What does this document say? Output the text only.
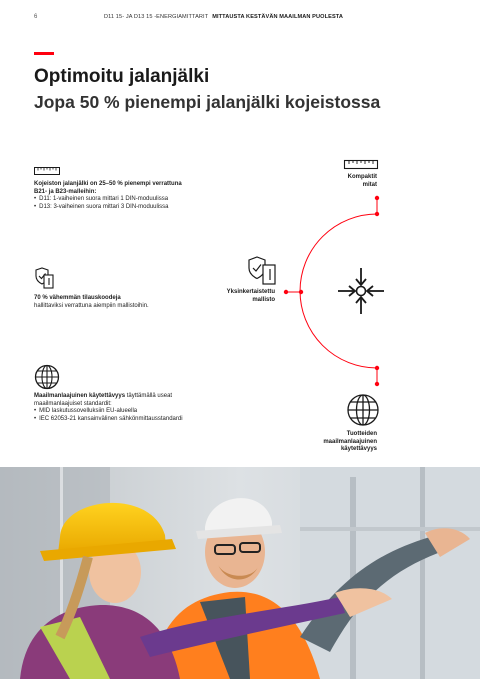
6	D11 15- JA D13 15 -ENERGIAMITTARIT MITTAUSTA KESTÄVÄN MAAILMAN PUOLESTA
Optimoitu jalanjälki
Jopa 50 % pienempi jalanjälki kojeistossa
Kojeiston jalanjälki on 25–50 % pienempi verrattuna B21- ja B23-malleihin:
• D11: 1-vaiheinen suora mittari 1 DIN-moduulissa
• D13: 3-vaiheinen suora mittari 3 DIN-moduulissa
70 % vähemmän tilauskoodeja
hallittaviksi verrattuna aiempiin mallistoihin.
Maailmanlaajuinen käytettävyys täyttämällä useat maailmanlaajuiset standardit:
• MID laskutussovelluksiin EU-alueella
• IEC 62053-21 kansainvälinen sähkönmittausstandardi
Kompaktit
mitat
Yksinkertaistettu
mallisto
Tuotteiden
maailmanlaajuinen
käytettävyys
